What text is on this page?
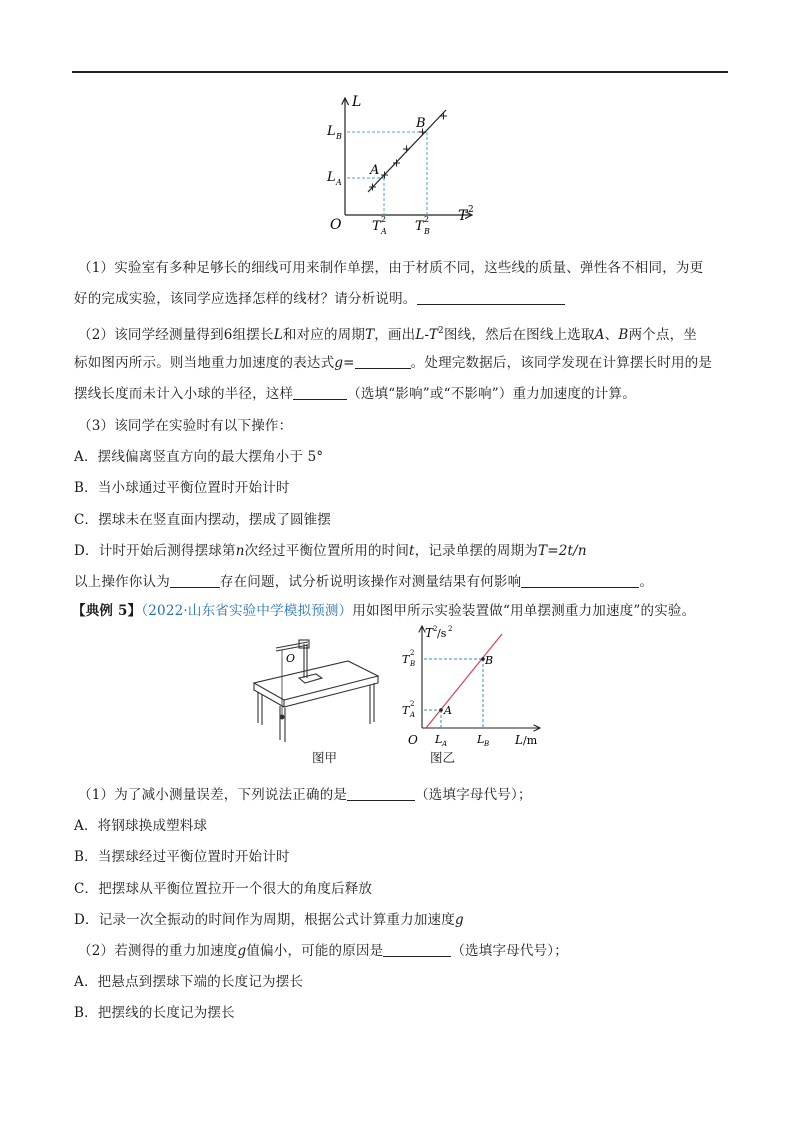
L
T 2
O
A
B
L B
L A
T 2
A T 2
B
（1）实验室有多种足够长的细线可用来制作单摆，由于材质不同，这些线的质量、弹性各不相同，为更
好的完成实验，该同学应选择怎样的线材？请分析说明。
（2）该同学经测量得到6组摆长L和对应的周期T，画出$L-T^2$图线，然后在图线上选取A、B两个点，坐
标如图丙所示。则当地重力加速度的表达式g=	。处理完数据后，该同学发现在计算摆长时用的是
摆线长度而未计入小球的半径，这样	（选填“影响”或“不影响”）重力加速度的计算。
（3）该同学在实验时有以下操作：
A．摆线偏离竖直方向的最大摆角小于 5°
B．当小球通过平衡位置时开始计时
C．摆球未在竖直面内摆动，摆成了圆锥摆
D．计时开始后测得摆球第n次经过平衡位置所用的时间t，记录单摆的周期为T=2t/n
以上操作你认为	存在问题，试分析说明该操作对测量结果有何影响	。
【典例 5】（2022·山东省实验中学模拟预测）用如图甲所示实验装置做“用单摆测重力加速度”的实验。
O
图甲
T 2 /s 2
L /m
O
A
B
T 2
B
T 2
A
L A	L B
图乙
（1）为了减小测量误差，下列说法正确的是	（选填字母代号）；
A．将钢球换成塑料球
B．当摆球经过平衡位置时开始计时
C．把摆球从平衡位置拉开一个很大的角度后释放
D．记录一次全振动的时间作为周期，根据公式计算重力加速度g
（2）若测得的重力加速度g值偏小，可能的原因是	（选填字母代号）；
A．把悬点到摆球下端的长度记为摆长
B．把摆线的长度记为摆长
